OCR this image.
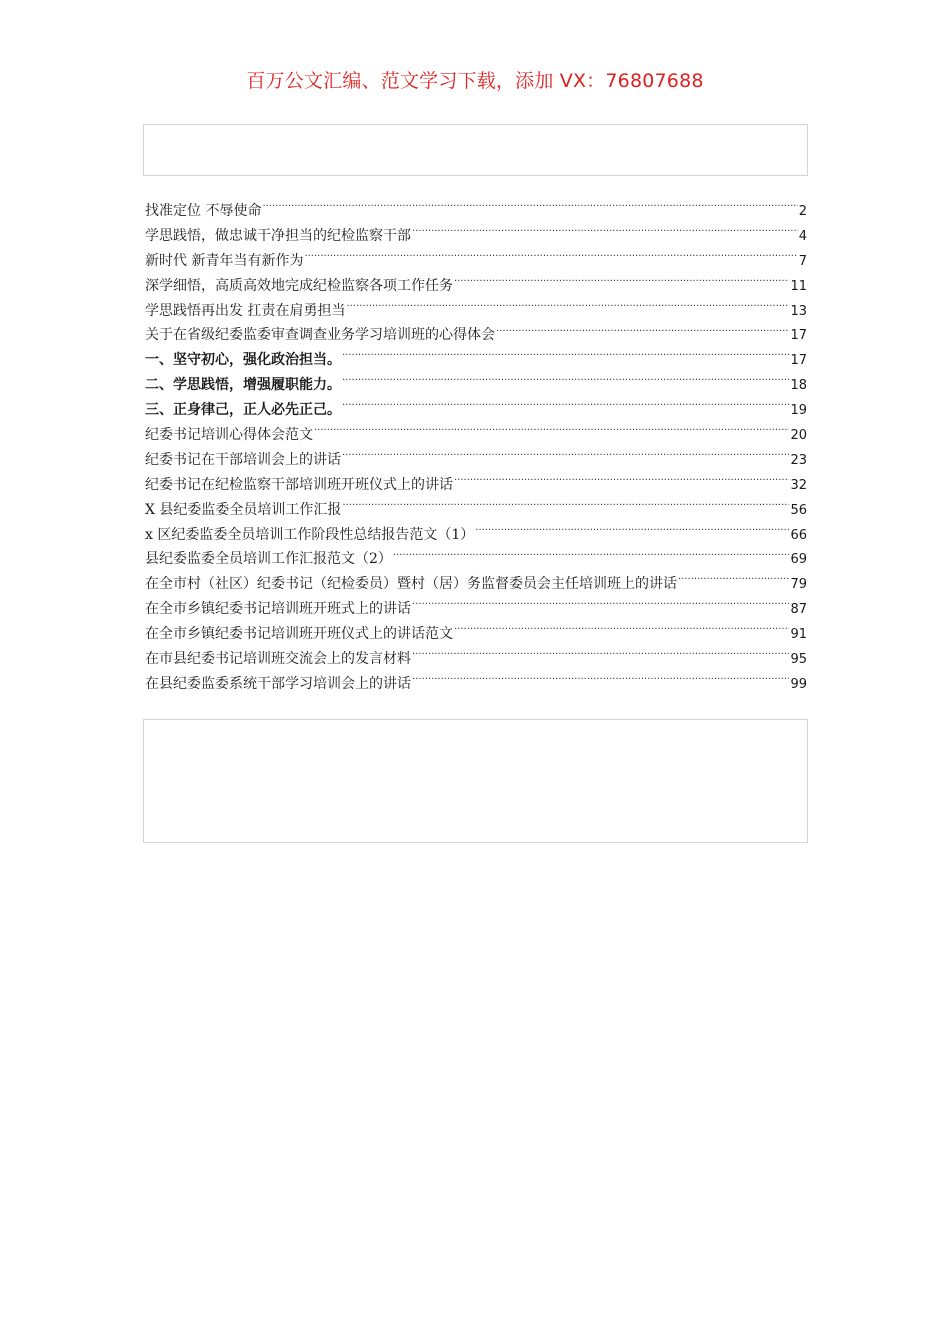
百万公文汇编、范文学习下载，添加 VX：76807688
找准定位 不辱使命 .....	2
学思践悟，做忠诚干净担当的纪检监察干部 .....	4
新时代 新青年当有新作为 .....	7
深学细悟，高质高效地完成纪检监察各项工作任务 .....	11
学思践悟再出发 扛责在肩勇担当 .....	13
关于在省级纪委监委审查调查业务学习培训班的心得体会 .....	17
一、坚守初心，强化政治担当。 .....	17
二、学思践悟，增强履职能力。 .....	18
三、正身律己，正人必先正己。 .....	19
纪委书记培训心得体会范文 .....	20
纪委书记在干部培训会上的讲话 .....	23
纪委书记在纪检监察干部培训班开班仪式上的讲话 .....	32
X 县纪委监委全员培训工作汇报 .....	56
x 区纪委监委全员培训工作阶段性总结报告范文（1） .....	66
县纪委监委全员培训工作汇报范文（2） .....	69
在全市村（社区）纪委书记（纪检委员）暨村（居）务监督委员会主任培训班上的讲话 .....	79
在全市乡镇纪委书记培训班开班式上的讲话 .....	87
在全市乡镇纪委书记培训班开班仪式上的讲话范文 .....	91
在市县纪委书记培训班交流会上的发言材料 .....	95
在县纪委监委系统干部学习培训会上的讲话 .....	99
